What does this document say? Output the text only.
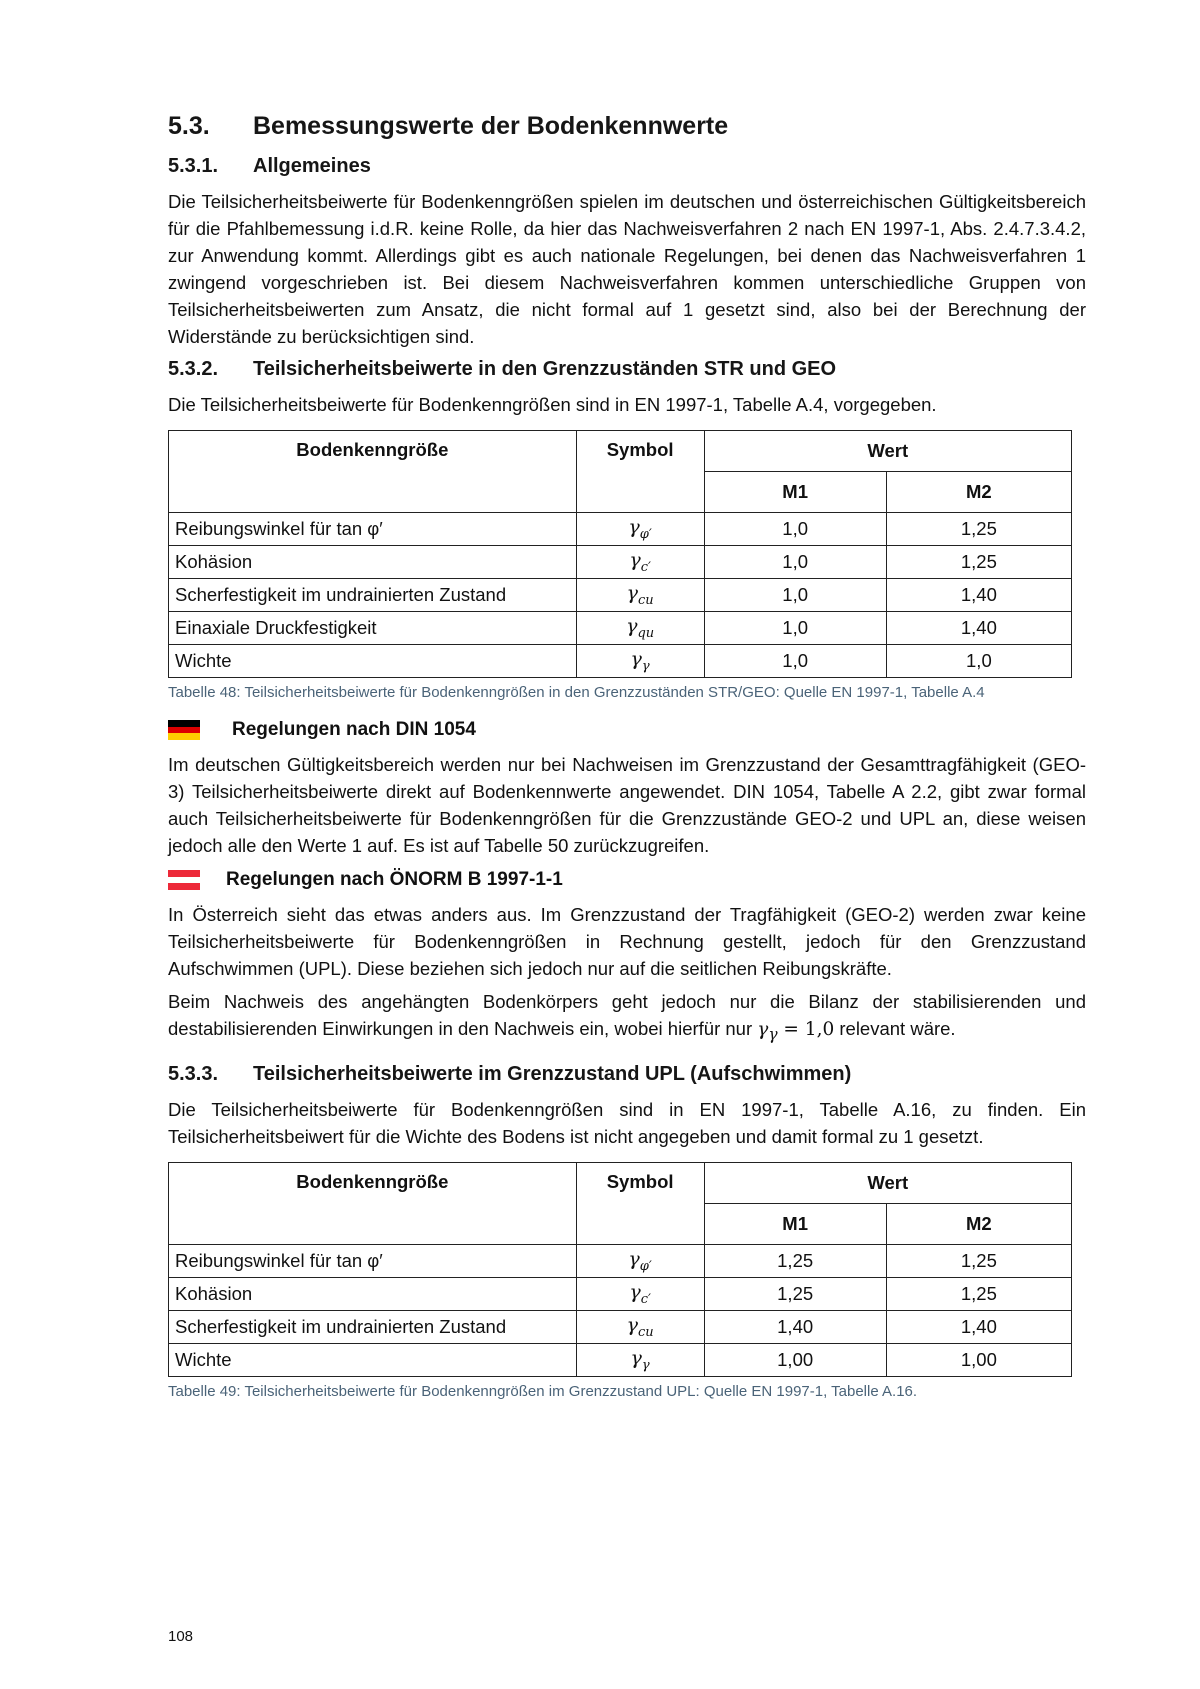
5.3.	Bemessungswerte der Bodenkennwerte
5.3.1.	Allgemeines

Die Teilsicherheitsbeiwerte für Bodenkenngrößen spielen im deutschen und österreichischen Gültigkeitsbereich für die Pfahlbemessung i.d.R. keine Rolle, da hier das Nachweisverfahren 2 nach EN 1997-1, Abs. 2.4.7.3.4.2, zur Anwendung kommt. Allerdings gibt es auch nationale Regelungen, bei denen das Nachweisverfahren 1 zwingend vorgeschrieben ist. Bei diesem Nachweisverfahren kommen unterschiedliche Gruppen von Teilsicherheitsbeiwerten zum Ansatz, die nicht formal auf 1 gesetzt sind, also bei der Berechnung der Widerstände zu berücksichtigen sind.

5.3.2.	Teilsicherheitsbeiwerte in den Grenzzuständen STR und GEO

Die Teilsicherheitsbeiwerte für Bodenkenngrößen sind in EN 1997-1, Tabelle A.4, vorgegeben.

Bodenkenngröße	Symbol	Wert	
		M1	M2
Reibungswinkel für tan φ′	$\gamma_{\varphi'}$	1,0	1,25
Kohäsion	$\gamma_{c'}$	1,0	1,25
Scherfestigkeit im undrainierten Zustand	$\gamma_{cu}$	1,0	1,40
Einaxiale Druckfestigkeit	$\gamma_{qu}$	1,0	1,40
Wichte	$\gamma_\gamma$	1,0	1,0
Tabelle 48: Teilsicherheitsbeiwerte für Bodenkenngrößen in den Grenzzuständen STR/GEO: Quelle EN 1997-1, Tabelle A.4
Regelungen nach DIN 1054

Im deutschen Gültigkeitsbereich werden nur bei Nachweisen im Grenzzustand der Gesamttragfähigkeit (GEO-3) Teilsicherheitsbeiwerte direkt auf Bodenkennwerte angewendet. DIN 1054, Tabelle A 2.2, gibt zwar formal auch Teilsicherheitsbeiwerte für Bodenkenngrößen für die Grenzzustände GEO-2 und UPL an, diese weisen jedoch alle den Werte 1 auf. Es ist auf Tabelle 50 zurückzugreifen.

Regelungen nach ÖNORM B 1997-1-1

In Österreich sieht das etwas anders aus. Im Grenzzustand der Tragfähigkeit (GEO-2) werden zwar keine Teilsicherheitsbeiwerte für Bodenkenngrößen in Rechnung gestellt, jedoch für den Grenzzustand Aufschwimmen (UPL). Diese beziehen sich jedoch nur auf die seitlichen Reibungskräfte.

Beim Nachweis des angehängten Bodenkörpers geht jedoch nur die Bilanz der stabilisierenden und destabilisierenden Einwirkungen in den Nachweis ein, wobei hierfür nur $\gamma_\gamma = 1,0$ relevant wäre.

5.3.3.	Teilsicherheitsbeiwerte im Grenzzustand UPL (Aufschwimmen)

Die Teilsicherheitsbeiwerte für Bodenkenngrößen sind in EN 1997-1, Tabelle A.16, zu finden. Ein Teilsicherheitsbeiwert für die Wichte des Bodens ist nicht angegeben und damit formal zu 1 gesetzt.

Bodenkenngröße	Symbol	Wert	
		M1	M2
Reibungswinkel für tan φ′	$\gamma_{\varphi'}$	1,25	1,25
Kohäsion	$\gamma_{c'}$	1,25	1,25
Scherfestigkeit im undrainierten Zustand	$\gamma_{cu}$	1,40	1,40
Wichte	$\gamma_\gamma$	1,00	1,00
Tabelle 49: Teilsicherheitsbeiwerte für Bodenkenngrößen im Grenzzustand UPL: Quelle EN 1997-1, Tabelle A.16.
108
